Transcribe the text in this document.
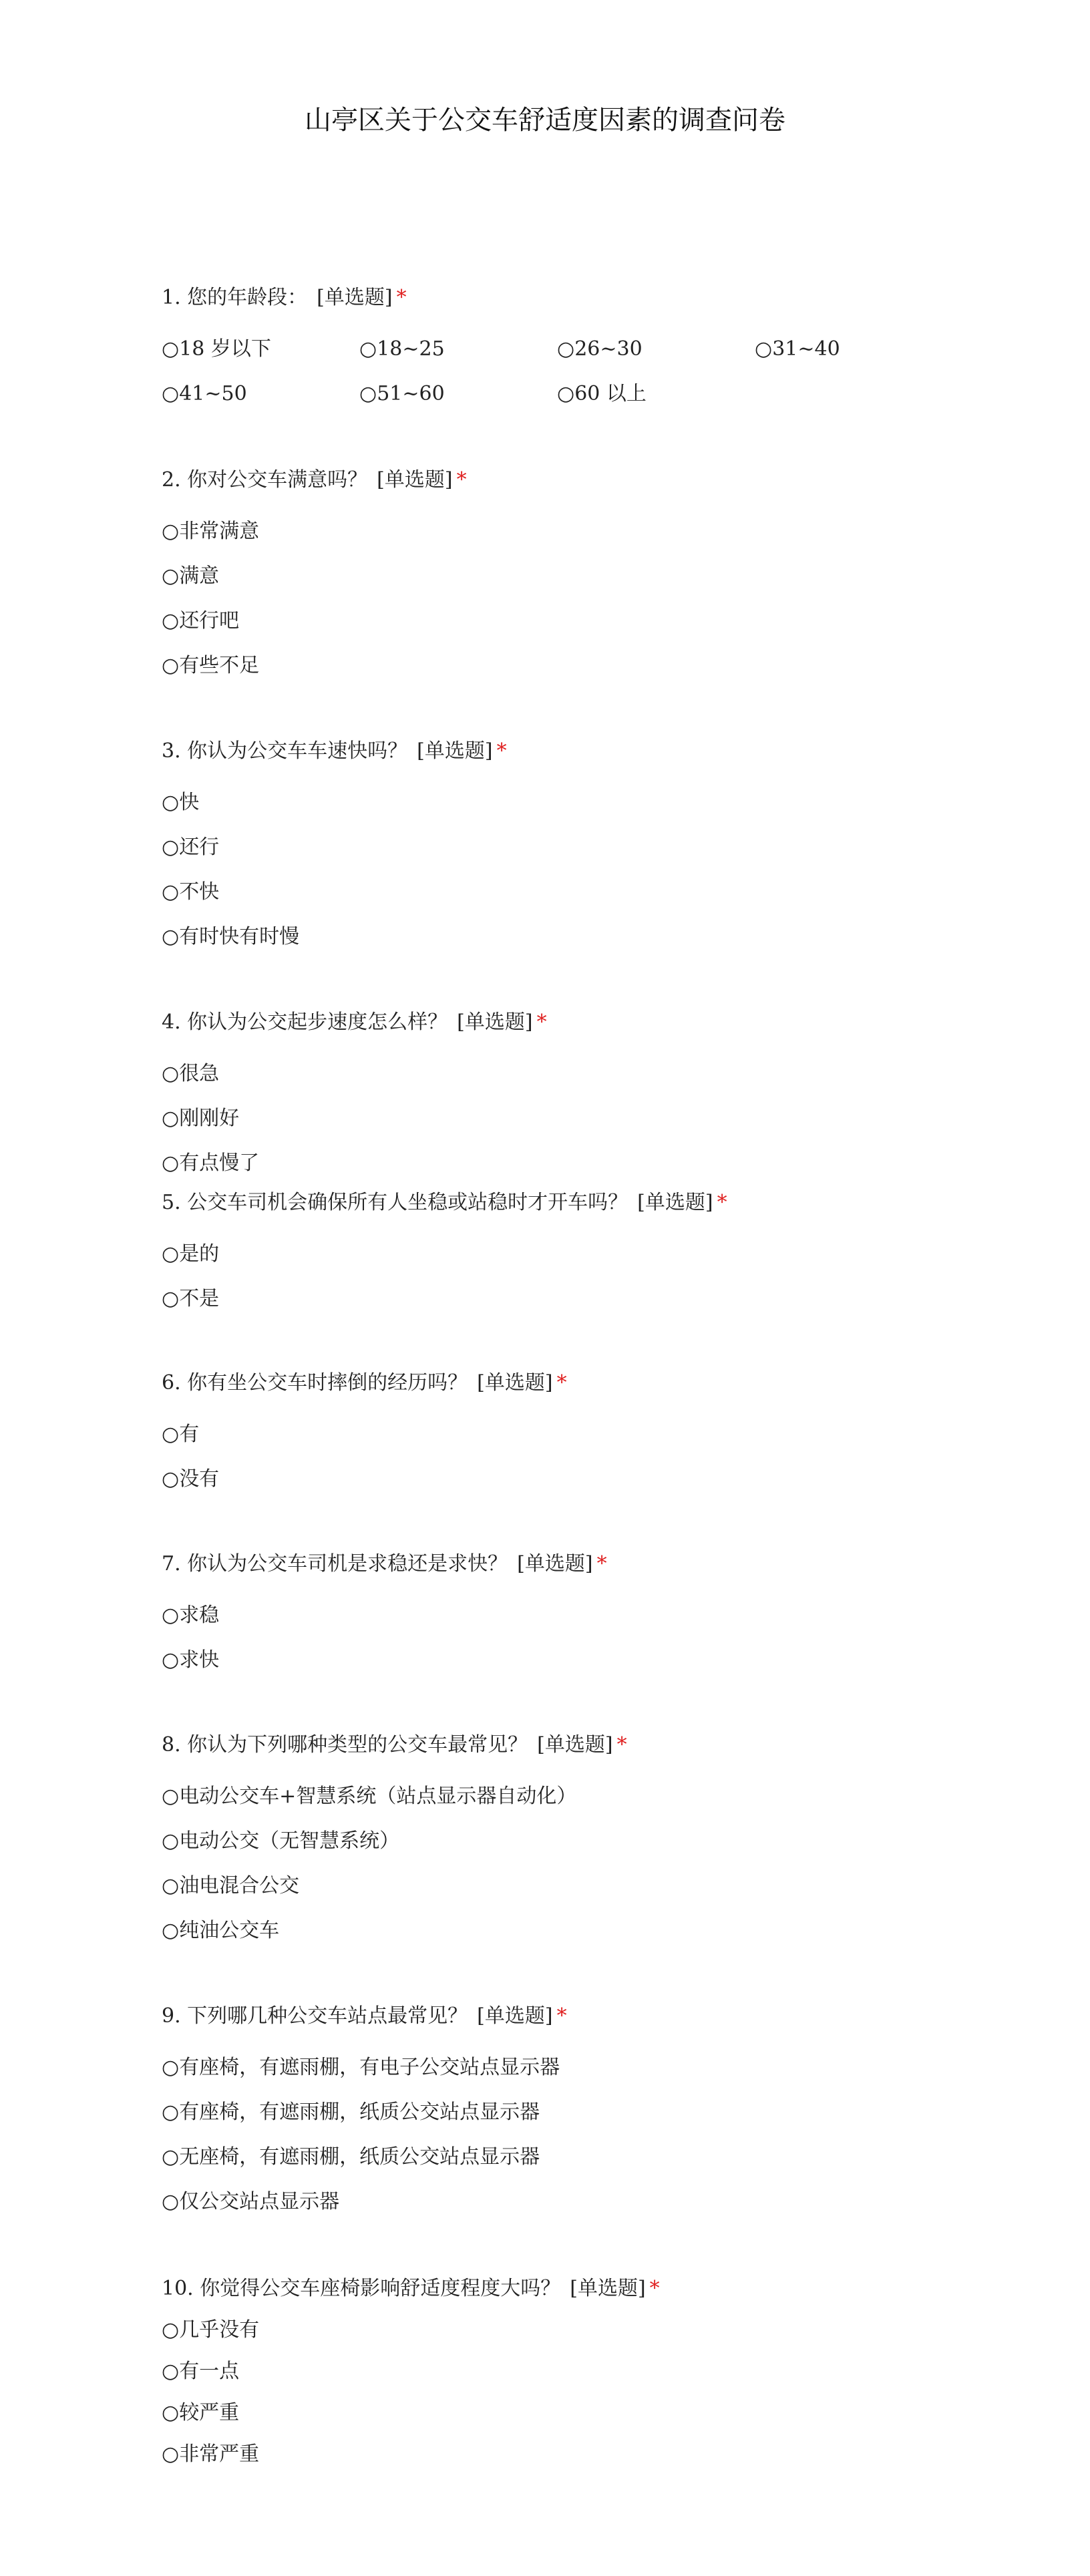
山亭区关于公交车舒适度因素的调查问卷
1. 您的年龄段： [单选题] *
○18 岁以下	○18~25	○26~30	○31~40
○41~50	○51~60	○60 以上
2. 你对公交车满意吗？ [单选题] *
○非常满意
○满意
○还行吧
○有些不足
3. 你认为公交车车速快吗？ [单选题] *
○快
○还行
○不快
○有时快有时慢
4. 你认为公交起步速度怎么样？ [单选题] *
○很急
○刚刚好
○有点慢了
5. 公交车司机会确保所有人坐稳或站稳时才开车吗？ [单选题] *
○是的
○不是
6. 你有坐公交车时摔倒的经历吗？ [单选题] *
○有
○没有
7. 你认为公交车司机是求稳还是求快？ [单选题] *
○求稳
○求快
8. 你认为下列哪种类型的公交车最常见？ [单选题] *
○电动公交车+智慧系统（站点显示器自动化）
○电动公交（无智慧系统）
○油电混合公交
○纯油公交车
9. 下列哪几种公交车站点最常见？ [单选题] *
○有座椅，有遮雨棚，有电子公交站点显示器
○有座椅，有遮雨棚，纸质公交站点显示器
○无座椅，有遮雨棚，纸质公交站点显示器
○仅公交站点显示器
10. 你觉得公交车座椅影响舒适度程度大吗？ [单选题] *
○几乎没有
○有一点
○较严重
○非常严重
